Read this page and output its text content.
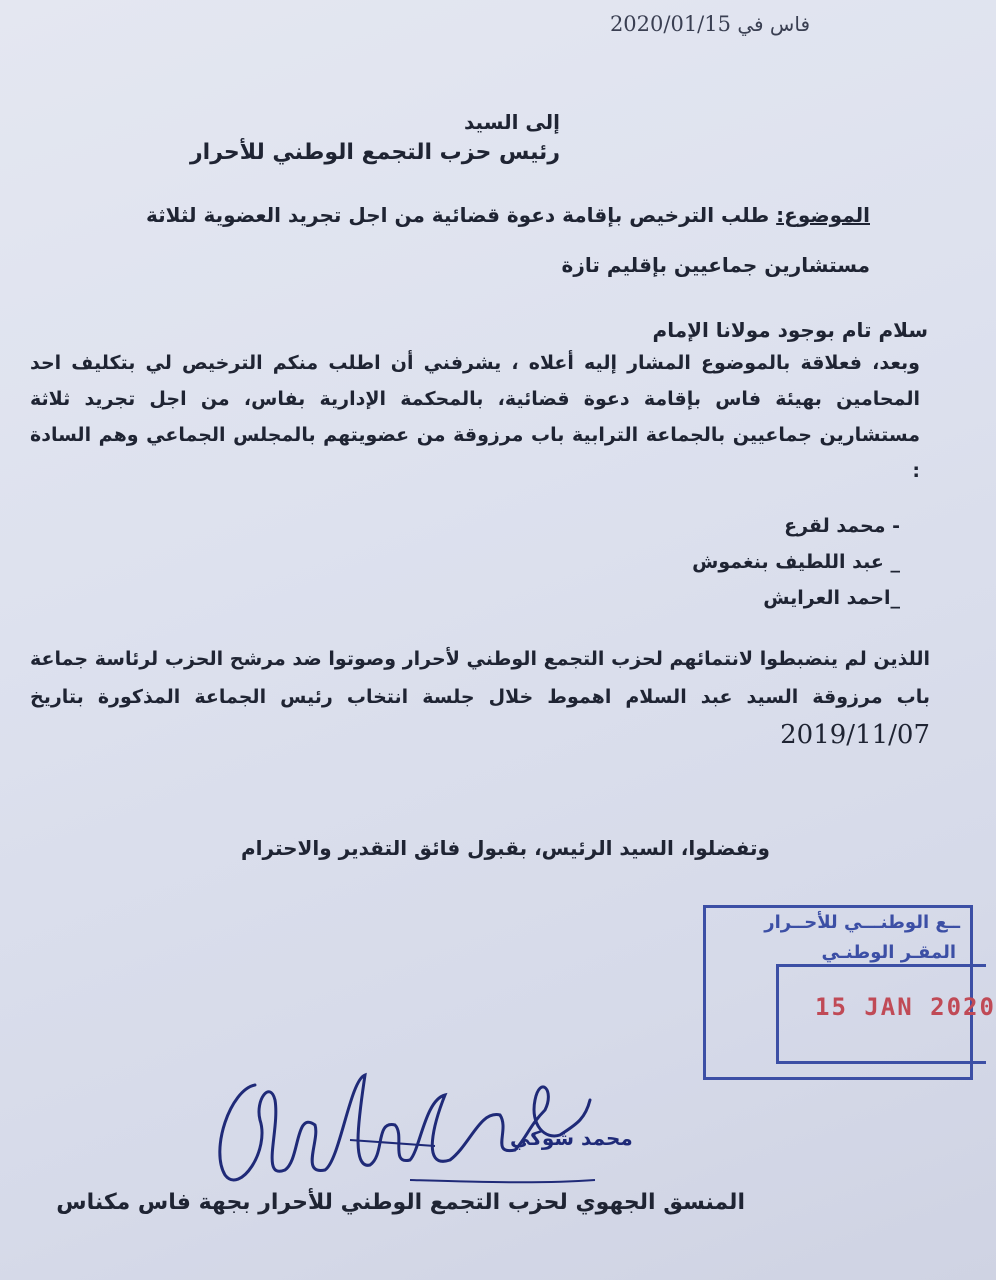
فاس في 2020/01/15
إلى السيد
رئيس حزب التجمع الوطني للأحرار
الموضوع: طلب الترخيص بإقامة دعوة قضائية من اجل تجريد العضوية لثلاثة مستشارين جماعيين بإقليم تازة
سلام تام بوجود مولانا الإمام

وبعد، فعلاقة بالموضوع المشار إليه أعلاه ، يشرفني أن اطلب منكم الترخيص لي بتكليف احد المحامين بهيئة فاس بإقامة دعوة قضائية، بالمحكمة الإدارية بفاس، من اجل تجريد ثلاثة مستشارين جماعيين بالجماعة الترابية باب مرزوقة من عضويتهم بالمجلس الجماعي وهم السادة :

- محمد لقرع
_ عبد اللطيف بنغموش
_احمد العرايش
اللذين لم ينضبطوا لانتمائهم لحزب التجمع الوطني لأحرار وصوتوا ضد مرشح الحزب لرئاسة جماعة باب مرزوقة السيد عبد السلام اهموط خلال جلسة انتخاب رئيس الجماعة المذكورة بتاريخ 2019/11/07
وتفضلوا، السيد الرئيس، بقبول فائق التقدير والاحترام
ــع الوطنـــي للأحــرار
المقـر الوطنـي
15 JAN 2020
محمد شوكي
المنسق الجهوي لحزب التجمع الوطني للأحرار بجهة فاس مكناس
